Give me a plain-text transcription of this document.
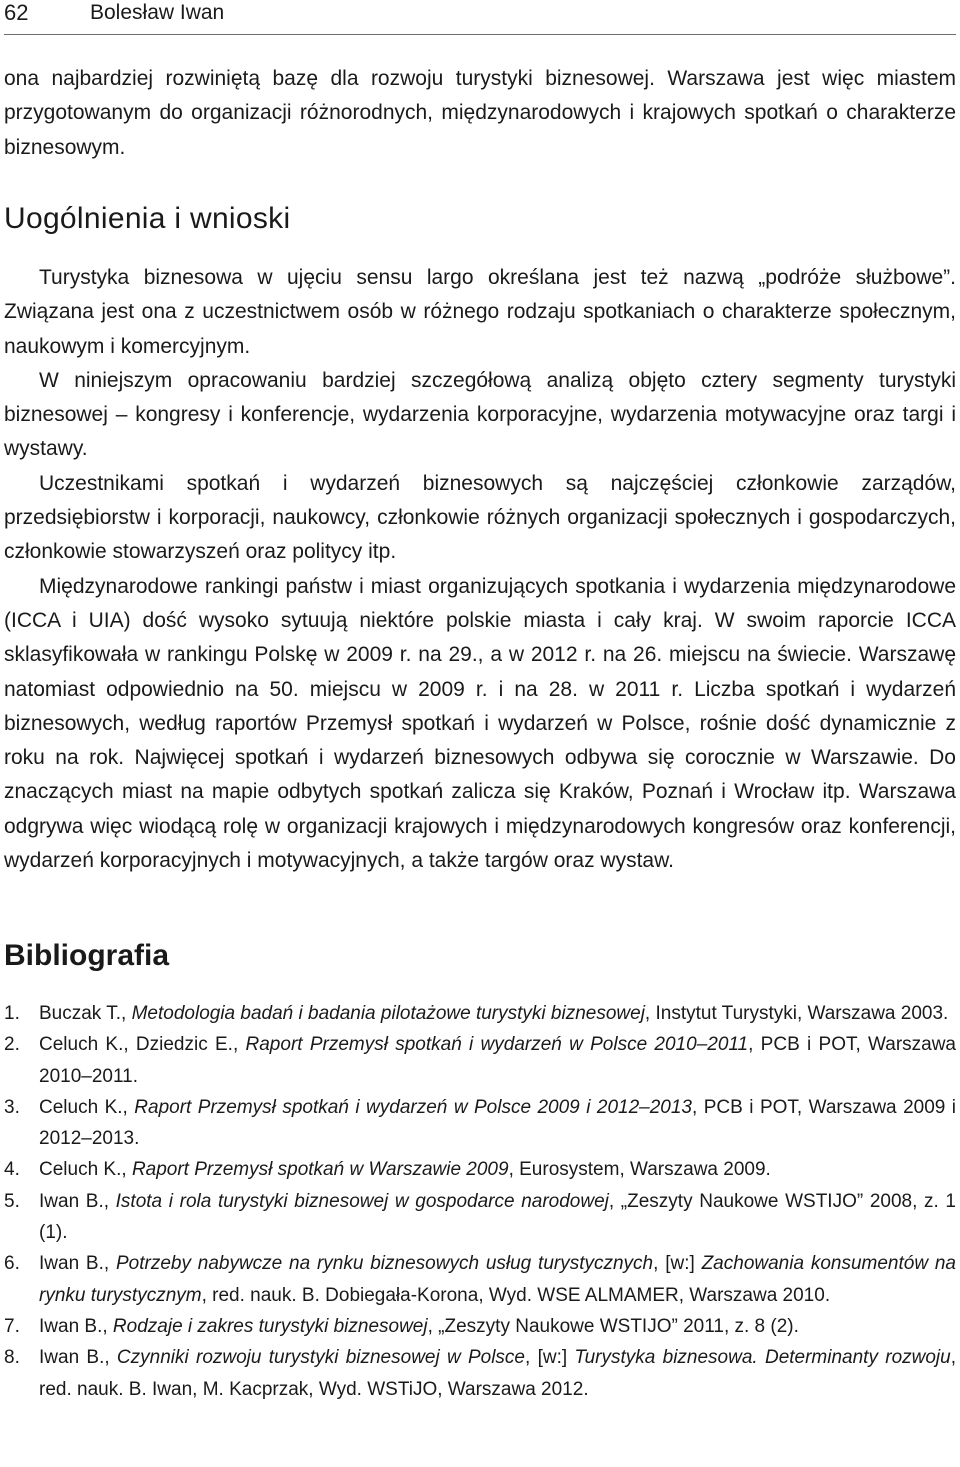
62	Bolesław Iwan

ona najbardziej rozwiniętą bazę dla rozwoju turystyki biznesowej. Warszawa jest więc miastem przygotowanym do organizacji różnorodnych, międzynarodowych i krajowych spotkań o charakterze biznesowym.

Uogólnienia i wnioski

Turystyka biznesowa w ujęciu sensu largo określana jest też nazwą „podróże służbowe”. Związana jest ona z uczestnictwem osób w różnego rodzaju spotkaniach o charakterze społecznym, naukowym i komercyjnym.

W niniejszym opracowaniu bardziej szczegółową analizą objęto cztery segmenty turystyki biznesowej – kongresy i konferencje, wydarzenia korporacyjne, wydarzenia motywacyjne oraz targi i wystawy.

Uczestnikami spotkań i wydarzeń biznesowych są najczęściej członkowie zarządów, przedsiębiorstw i korporacji, naukowcy, członkowie różnych organizacji społecznych i gospodarczych, członkowie stowarzyszeń oraz politycy itp.

Międzynarodowe rankingi państw i miast organizujących spotkania i wydarzenia międzynarodowe (ICCA i UIA) dość wysoko sytuują niektóre polskie miasta i cały kraj. W swoim raporcie ICCA sklasyfikowała w rankingu Polskę w 2009 r. na 29., a w 2012 r. na 26. miejscu na świecie. Warszawę natomiast odpowiednio na 50. miejscu w 2009 r. i na 28. w 2011 r. Liczba spotkań i wydarzeń biznesowych, według raportów Przemysł spotkań i wydarzeń w Polsce, rośnie dość dynamicznie z roku na rok. Najwięcej spotkań i wydarzeń biznesowych odbywa się corocznie w Warszawie. Do znaczących miast na mapie odbytych spotkań zalicza się Kraków, Poznań i Wrocław itp. Warszawa odgrywa więc wiodącą rolę w organizacji krajowych i międzynarodowych kongresów oraz konferencji, wydarzeń korporacyjnych i motywacyjnych, a także targów oraz wystaw.

Bibliografia
1. Buczak T., Metodologia badań i badania pilotażowe turystyki biznesowej, Instytut Turystyki, Warszawa 2003.
2. Celuch K., Dziedzic E., Raport Przemysł spotkań i wydarzeń w Polsce 2010–2011, PCB i POT, Warszawa 2010–2011.
3. Celuch K., Raport Przemysł spotkań i wydarzeń w Polsce 2009 i 2012–2013, PCB i POT, Warszawa 2009 i 2012–2013.
4. Celuch K., Raport Przemysł spotkań w Warszawie 2009, Eurosystem, Warszawa 2009.
5. Iwan B., Istota i rola turystyki biznesowej w gospodarce narodowej, „Zeszyty Naukowe WSTIJO” 2008, z. 1 (1).
6. Iwan B., Potrzeby nabywcze na rynku biznesowych usług turystycznych, [w:] Zachowania konsumentów na rynku turystycznym, red. nauk. B. Dobiegała-Korona, Wyd. WSE ALMAMER, Warszawa 2010.
7. Iwan B., Rodzaje i zakres turystyki biznesowej, „Zeszyty Naukowe WSTIJO” 2011, z. 8 (2).
8. Iwan B., Czynniki rozwoju turystyki biznesowej w Polsce, [w:] Turystyka biznesowa. Determinanty rozwoju, red. nauk. B. Iwan, M. Kacprzak, Wyd. WSTiJO, Warszawa 2012.
